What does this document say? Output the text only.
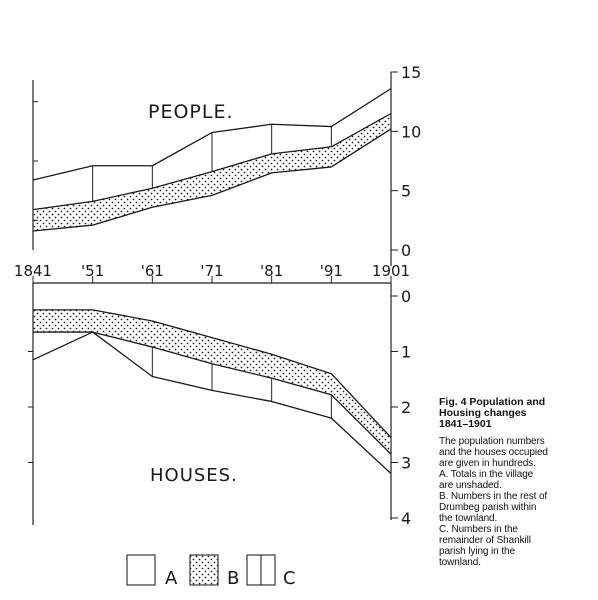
15
10
5
0
PEOPLE.
1841 '51 '61 '71 '81 '91 1901
0
1
2
3
4
HOUSES.
A	B C
Fig. 4 Population and
Housing changes
1841–1901
The population numbers
and the houses occupied
are given in hundreds.
A. Totals in the village
are unshaded.
B. Numbers in the rest of
Drumbeg parish within
the townland.
C. Numbers in the
remainder of Shankill
parish lying in the
townland.
